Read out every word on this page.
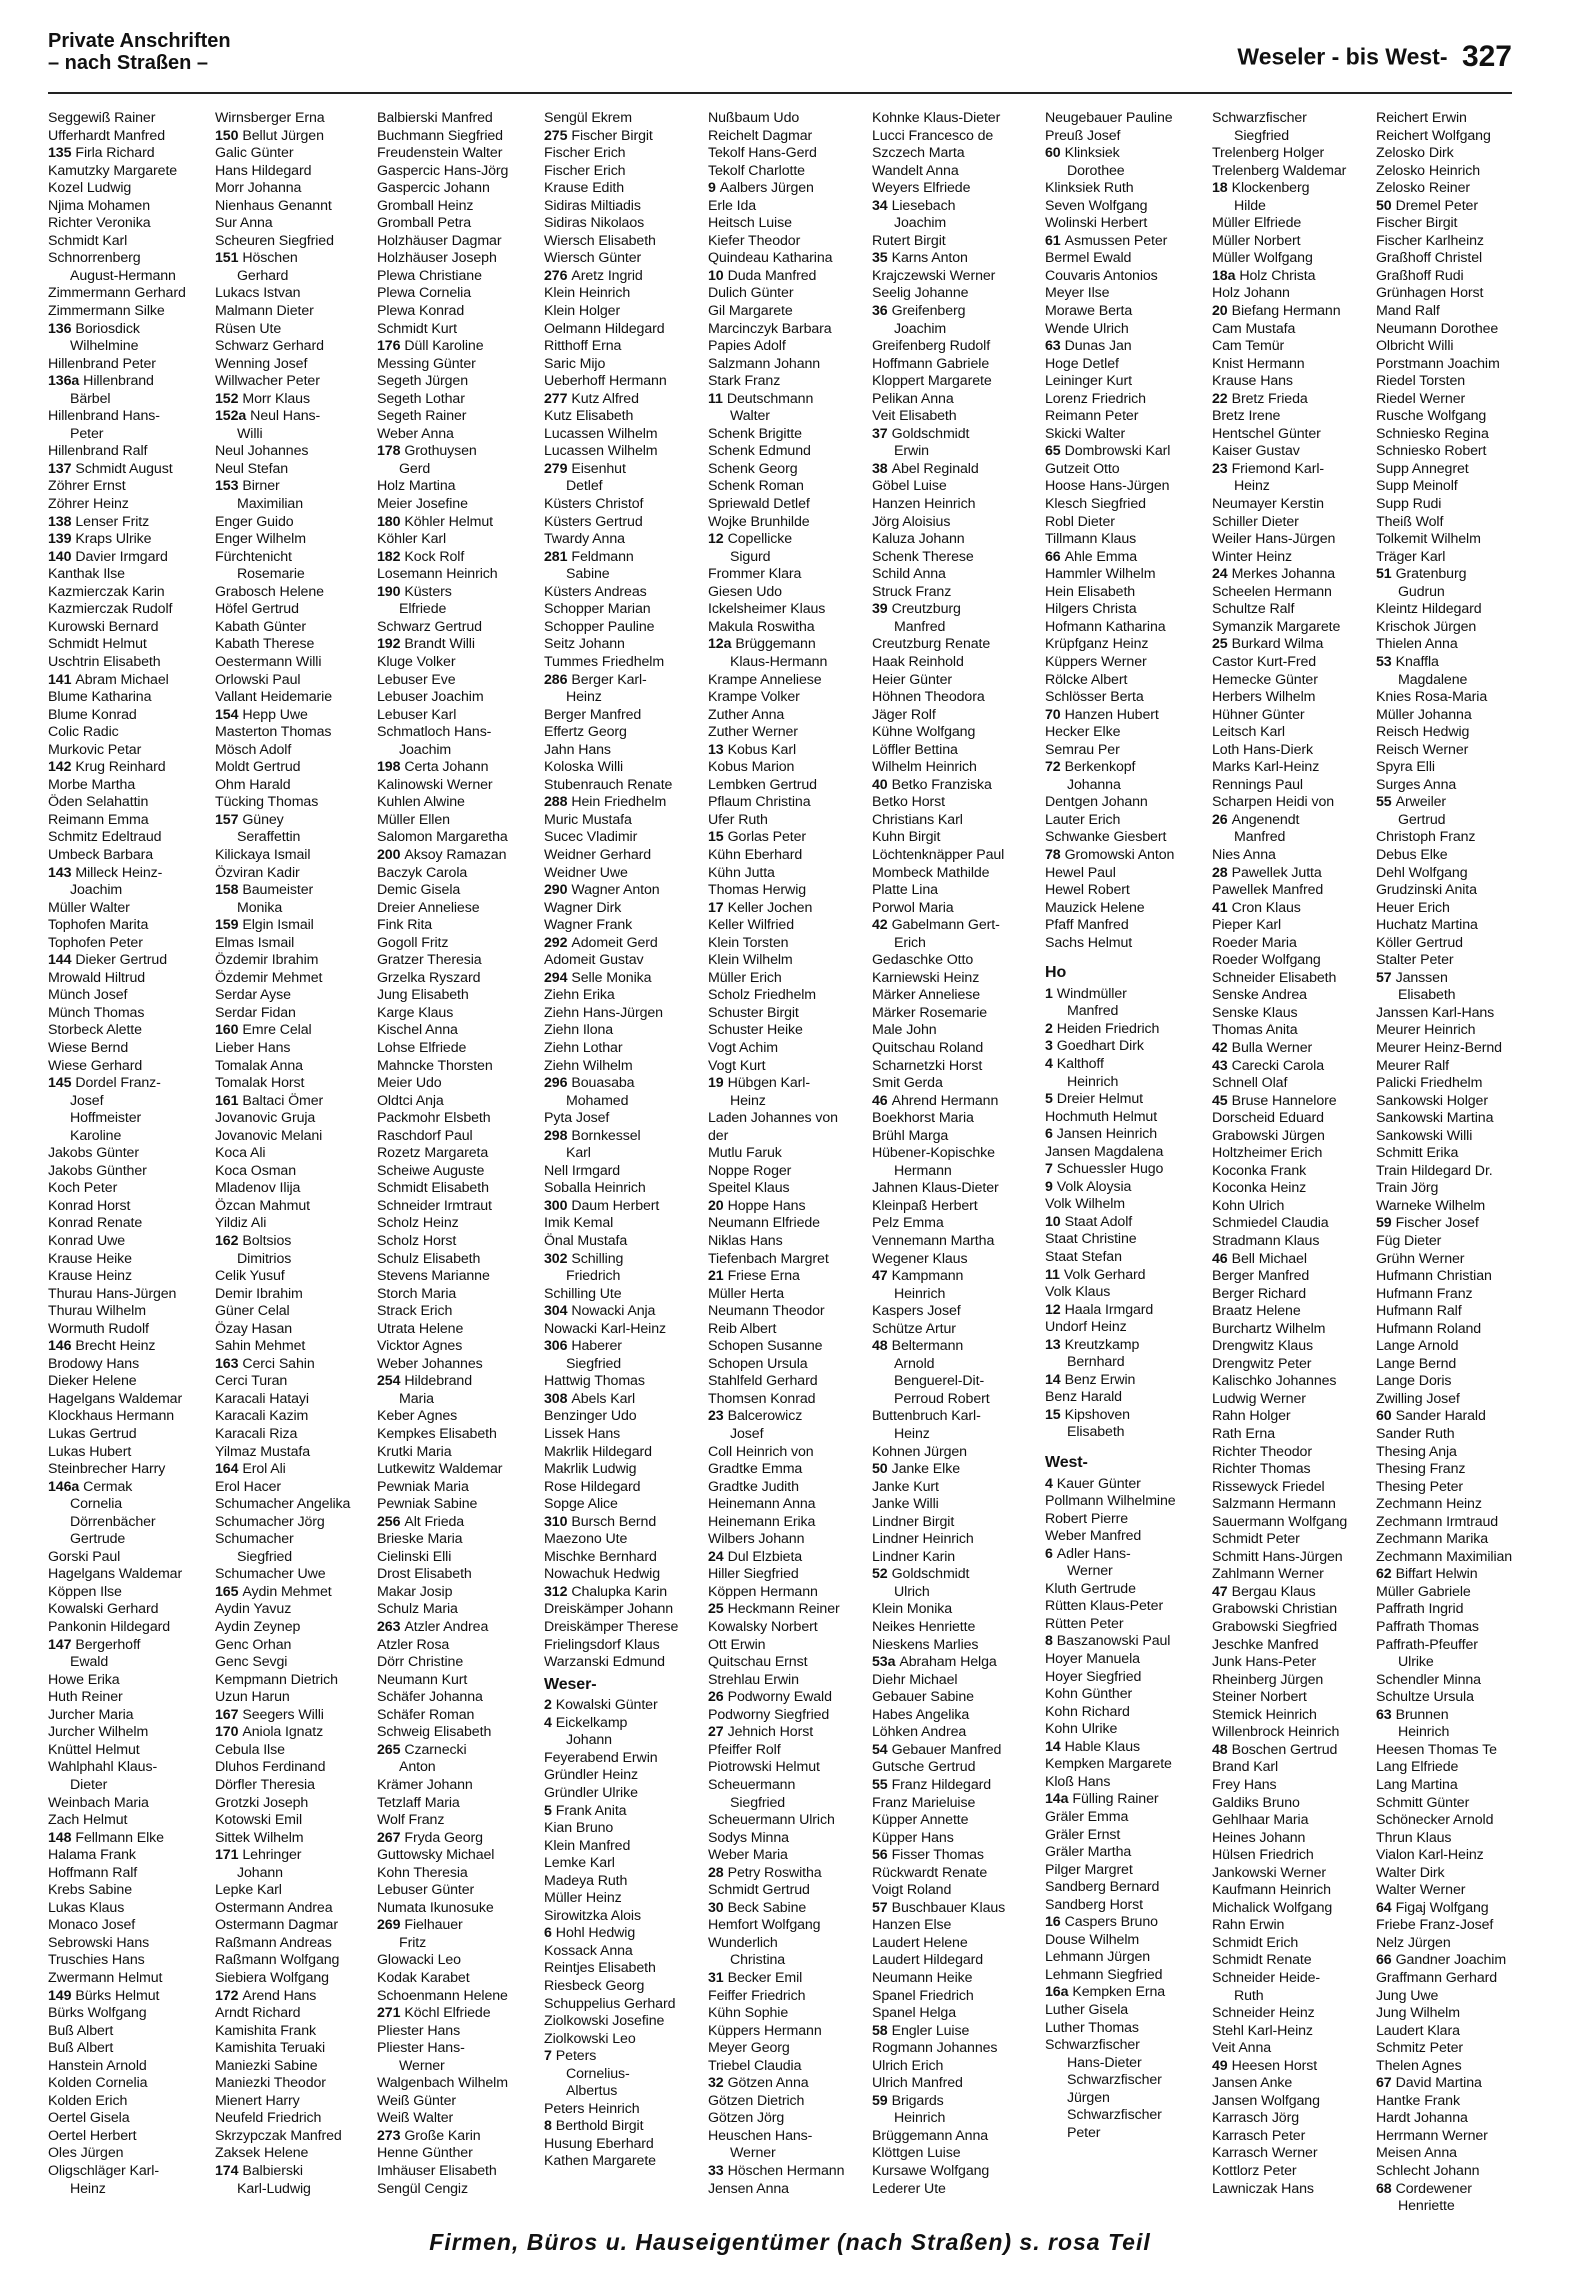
Private Anschriften
– nach Straßen –	Weseler - bis West- 327
Seggewiß Rainer
Ufferhardt Manfred
135 Firla Richard
Kamutzky Margarete
Kozel Ludwig
Njima Mohamen
Richter Veronika
Schmidt Karl
Schnorrenberg
August-Hermann
Zimmermann Gerhard
Zimmermann Silke
136 Boriosdick
Wilhelmine
Hillenbrand Peter
136a Hillenbrand
Bärbel
Hillenbrand Hans-
Peter
Hillenbrand Ralf
137 Schmidt August
Zöhrer Ernst
Zöhrer Heinz
138 Lenser Fritz
139 Kraps Ulrike
140 Davier Irmgard
Kanthak Ilse
Kazmierczak Karin
Kazmierczak Rudolf
Kurowski Bernard
Schmidt Helmut
Uschtrin Elisabeth
141 Abram Michael
Blume Katharina
Blume Konrad
Colic Radic
Murkovic Petar
142 Krug Reinhard
Morbe Martha
Öden Selahattin
Reimann Emma
Schmitz Edeltraud
Umbeck Barbara
143 Milleck Heinz-
Joachim
Müller Walter
Tophofen Marita
Tophofen Peter
144 Dieker Gertrud
Mrowald Hiltrud
Münch Josef
Münch Thomas
Storbeck Alette
Wiese Bernd
Wiese Gerhard
145 Dordel Franz-
Josef
Hoffmeister
Karoline
Jakobs Günter
Jakobs Günther
Koch Peter
Konrad Horst
Konrad Renate
Konrad Uwe
Krause Heike
Krause Heinz
Thurau Hans-Jürgen
Thurau Wilhelm
Wormuth Rudolf
146 Brecht Heinz
Brodowy Hans
Dieker Helene
Hagelgans Waldemar
Klockhaus Hermann
Lukas Gertrud
Lukas Hubert
Steinbrecher Harry
146a Cermak
Cornelia
Dörrenbächer
Gertrude
Gorski Paul
Hagelgans Waldemar
Köppen Ilse
Kowalski Gerhard
Pankonin Hildegard
147 Bergerhoff
Ewald
Howe Erika
Huth Reiner
Jurcher Maria
Jurcher Wilhelm
Knüttel Helmut
Wahlphahl Klaus-
Dieter
Weinbach Maria
Zach Helmut
148 Fellmann Elke
Halama Frank
Hoffmann Ralf
Krebs Sabine
Lukas Klaus
Monaco Josef
Sebrowski Hans
Truschies Hans
Zwermann Helmut
149 Bürks Helmut
Bürks Wolfgang
Buß Albert
Buß Albert
Hanstein Arnold
Kolden Cornelia
Kolden Erich
Oertel Gisela
Oertel Herbert
Oles Jürgen
Oligschläger Karl-
Heinz
Wirnsberger Erna
150 Bellut Jürgen
Galic Günter
Hans Hildegard
Morr Johanna
Nienhaus Genannt
Sur Anna
Scheuren Siegfried
151 Höschen
Gerhard
Lukacs Istvan
Malmann Dieter
Rüsen Ute
Schwarz Gerhard
Wenning Josef
Willwacher Peter
152 Morr Klaus
152a Neul Hans-
Willi
Neul Johannes
Neul Stefan
153 Birner
Maximilian
Enger Guido
Enger Wilhelm
Fürchtenicht
Rosemarie
Grabosch Helene
Höfel Gertrud
Kabath Günter
Kabath Therese
Oestermann Willi
Orlowski Paul
Vallant Heidemarie
154 Hepp Uwe
Masterton Thomas
Mösch Adolf
Moldt Gertrud
Ohm Harald
Tücking Thomas
157 Güney
Seraffettin
Kilickaya Ismail
Özviran Kadir
158 Baumeister
Monika
159 Elgin Ismail
Elmas Ismail
Özdemir Ibrahim
Özdemir Mehmet
Serdar Ayse
Serdar Fidan
160 Emre Celal
Lieber Hans
Tomalak Anna
Tomalak Horst
161 Baltaci Ömer
Jovanovic Gruja
Jovanovic Melani
Koca Ali
Koca Osman
Mladenov Ilija
Özcan Mahmut
Yildiz Ali
162 Boltsios
Dimitrios
Celik Yusuf
Demir Ibrahim
Güner Celal
Özay Hasan
Sahin Mehmet
163 Cerci Sahin
Cerci Turan
Karacali Hatayi
Karacali Kazim
Karacali Riza
Yilmaz Mustafa
164 Erol Ali
Erol Hacer
Schumacher Angelika
Schumacher Jörg
Schumacher
Siegfried
Schumacher Uwe
165 Aydin Mehmet
Aydin Yavuz
Aydin Zeynep
Genc Orhan
Genc Sevgi
Kempmann Dietrich
Uzun Harun
167 Seegers Willi
170 Aniola Ignatz
Cebula Ilse
Dluhos Ferdinand
Dörfler Theresia
Grotzki Joseph
Kotowski Emil
Sittek Wilhelm
171 Lehringer
Johann
Lepke Karl
Ostermann Andrea
Ostermann Dagmar
Raßmann Andreas
Raßmann Wolfgang
Siebiera Wolfgang
172 Arend Hans
Arndt Richard
Kamishita Frank
Kamishita Teruaki
Maniezki Sabine
Maniezki Theodor
Mienert Harry
Neufeld Friedrich
Skrzypczak Manfred
Zaksek Helene
174 Balbierski
Karl-Ludwig
Balbierski Manfred
Buchmann Siegfried
Freudenstein Walter
Gaspercic Hans-Jörg
Gaspercic Johann
Gromball Heinz
Gromball Petra
Holzhäuser Dagmar
Holzhäuser Joseph
Plewa Christiane
Plewa Cornelia
Plewa Konrad
Schmidt Kurt
176 Düll Karoline
Messing Günter
Segeth Jürgen
Segeth Lothar
Segeth Rainer
Weber Anna
178 Grothuysen
Gerd
Holz Martina
Meier Josefine
180 Köhler Helmut
Köhler Karl
182 Kock Rolf
Losemann Heinrich
190 Küsters
Elfriede
Schwarz Gertrud
192 Brandt Willi
Kluge Volker
Lebuser Eve
Lebuser Joachim
Lebuser Karl
Schmatloch Hans-
Joachim
198 Certa Johann
Kalinowski Werner
Kuhlen Alwine
Müller Ellen
Salomon Margaretha
200 Aksoy Ramazan
Baczyk Carola
Demic Gisela
Dreier Anneliese
Fink Rita
Gogoll Fritz
Gratzer Theresia
Grzelka Ryszard
Jung Elisabeth
Karge Klaus
Kischel Anna
Lohse Elfriede
Mahncke Thorsten
Meier Udo
Oldtci Anja
Packmohr Elsbeth
Raschdorf Paul
Rozetz Margareta
Scheiwe Auguste
Schmidt Elisabeth
Schneider Irmtraut
Scholz Heinz
Scholz Horst
Schulz Elisabeth
Stevens Marianne
Storch Maria
Strack Erich
Utrata Helene
Vicktor Agnes
Weber Johannes
254 Hildebrand
Maria
Keber Agnes
Kempkes Elisabeth
Krutki Maria
Lutkewitz Waldemar
Pewniak Maria
Pewniak Sabine
256 Alt Frieda
Brieske Maria
Cielinski Elli
Drost Elisabeth
Makar Josip
Schulz Maria
263 Atzler Andrea
Atzler Rosa
Dörr Christine
Neumann Kurt
Schäfer Johanna
Schäfer Roman
Schweig Elisabeth
265 Czarnecki
Anton
Krämer Johann
Tetzlaff Maria
Wolf Franz
267 Fryda Georg
Guttowsky Michael
Kohn Theresia
Lebuser Günter
Numata Ikunosuke
269 Fielhauer
Fritz
Glowacki Leo
Kodak Karabet
Schoenmann Helene
271 Köchl Elfriede
Pliester Hans
Pliester Hans-
Werner
Walgenbach Wilhelm
Weiß Günter
Weiß Walter
273 Große Karin
Henne Günther
Imhäuser Elisabeth
Sengül Cengiz
Sengül Ekrem
275 Fischer Birgit
Fischer Erich
Fischer Erich
Krause Edith
Sidiras Miltiadis
Sidiras Nikolaos
Wiersch Elisabeth
Wiersch Günter
276 Aretz Ingrid
Klein Heinrich
Klein Holger
Oelmann Hildegard
Ritthoff Erna
Saric Mijo
Ueberhoff Hermann
277 Kutz Alfred
Kutz Elisabeth
Lucassen Wilhelm
Lucassen Wilhelm
279 Eisenhut
Detlef
Küsters Christof
Küsters Gertrud
Twardy Anna
281 Feldmann
Sabine
Küsters Andreas
Schopper Marian
Schopper Pauline
Seitz Johann
Tummes Friedhelm
286 Berger Karl-
Heinz
Berger Manfred
Effertz Georg
Jahn Hans
Koloska Willi
Stubenrauch Renate
288 Hein Friedhelm
Muric Mustafa
Sucec Vladimir
Weidner Gerhard
Weidner Uwe
290 Wagner Anton
Wagner Dirk
Wagner Frank
292 Adomeit Gerd
Adomeit Gustav
294 Selle Monika
Ziehn Erika
Ziehn Hans-Jürgen
Ziehn Ilona
Ziehn Lothar
Ziehn Wilhelm
296 Bouasaba
Mohamed
Pyta Josef
298 Bornkessel
Karl
Nell Irmgard
Soballa Heinrich
300 Daum Herbert
Imik Kemal
Önal Mustafa
302 Schilling
Friedrich
Schilling Ute
304 Nowacki Anja
Nowacki Karl-Heinz
306 Haberer
Siegfried
Hattwig Thomas
308 Abels Karl
Benzinger Udo
Lissek Hans
Makrlik Hildegard
Makrlik Ludwig
Rose Hildegard
Sopge Alice
310 Bursch Bernd
Maezono Ute
Mischke Bernhard
Nowachuk Hedwig
312 Chalupka Karin
Dreiskämper Johann
Dreiskämper Therese
Frielingsdorf Klaus
Warzanski Edmund
Weser-
2 Kowalski Günter
4 Eickelkamp
Johann
Feyerabend Erwin
Gründler Heinz
Gründler Ulrike
5 Frank Anita
Kian Bruno
Klein Manfred
Lemke Karl
Madeya Ruth
Müller Heinz
Sirowitzka Alois
6 Hohl Hedwig
Kossack Anna
Reintjes Elisabeth
Riesbeck Georg
Schuppelius Gerhard
Ziolkowski Josefine
Ziolkowski Leo
7 Peters
Cornelius-
Albertus
Peters Heinrich
8 Berthold Birgit
Husung Eberhard
Kathen Margarete
Nußbaum Udo
Reichelt Dagmar
Tekolf Hans-Gerd
Tekolf Charlotte
9 Aalbers Jürgen
Erle Ida
Heitsch Luise
Kiefer Theodor
Quindeau Katharina
10 Duda Manfred
Dulich Günter
Gil Margarete
Marcinczyk Barbara
Papies Adolf
Salzmann Johann
Stark Franz
11 Deutschmann
Walter
Schenk Brigitte
Schenk Edmund
Schenk Georg
Schenk Roman
Spriewald Detlef
Wojke Brunhilde
12 Copellicke
Sigurd
Frommer Klara
Giesen Udo
Ickelsheimer Klaus
Makula Roswitha
12a Brüggemann
Klaus-Hermann
Krampe Anneliese
Krampe Volker
Zuther Anna
Zuther Werner
13 Kobus Karl
Kobus Marion
Lembken Gertrud
Pflaum Christina
Ufer Ruth
15 Gorlas Peter
Kühn Eberhard
Kühn Jutta
Thomas Herwig
17 Keller Jochen
Keller Wilfried
Klein Torsten
Klein Wilhelm
Müller Erich
Scholz Friedhelm
Schuster Birgit
Schuster Heike
Vogt Achim
Vogt Kurt
19 Hübgen Karl-
Heinz
Laden Johannes von
der
Mutlu Faruk
Noppe Roger
Speitel Klaus
20 Hoppe Hans
Neumann Elfriede
Niklas Hans
Tiefenbach Margret
21 Friese Erna
Müller Herta
Neumann Theodor
Reib Albert
Schopen Susanne
Schopen Ursula
Stahlfeld Gerhard
Thomsen Konrad
23 Balcerowicz
Josef
Coll Heinrich von
Gradtke Emma
Gradtke Judith
Heinemann Anna
Heinemann Erika
Wilbers Johann
24 Dul Elzbieta
Hiller Siegfried
Köppen Hermann
25 Heckmann Reiner
Kowalsky Norbert
Ott Erwin
Quitschau Ernst
Strehlau Erwin
26 Podworny Ewald
Podworny Siegfried
27 Jehnich Horst
Pfeiffer Rolf
Piotrowski Helmut
Scheuermann
Siegfried
Scheuermann Ulrich
Sodys Minna
Weber Maria
28 Petry Roswitha
Schmidt Gertrud
30 Beck Sabine
Hemfort Wolfgang
Wunderlich
Christina
31 Becker Emil
Feiffer Friedrich
Kühn Sophie
Küppers Hermann
Meyer Georg
Triebel Claudia
32 Götzen Anna
Götzen Dietrich
Götzen Jörg
Heuschen Hans-
Werner
33 Höschen Hermann
Jensen Anna
Kohnke Klaus-Dieter
Lucci Francesco de
Szczech Marta
Wandelt Anna
Weyers Elfriede
34 Liesebach
Joachim
Rutert Birgit
35 Karns Anton
Krajczewski Werner
Seelig Johanne
36 Greifenberg
Joachim
Greifenberg Rudolf
Hoffmann Gabriele
Kloppert Margarete
Pelikan Anna
Veit Elisabeth
37 Goldschmidt
Erwin
38 Abel Reginald
Göbel Luise
Hanzen Heinrich
Jörg Aloisius
Kaluza Johann
Schenk Therese
Schild Anna
Struck Franz
39 Creutzburg
Manfred
Creutzburg Renate
Haak Reinhold
Heier Günter
Höhnen Theodora
Jäger Rolf
Kühne Wolfgang
Löffler Bettina
Wilhelm Heinrich
40 Betko Franziska
Betko Horst
Christians Karl
Kuhn Birgit
Löchtenknäpper Paul
Mombeck Mathilde
Platte Lina
Porwol Maria
42 Gabelmann Gert-
Erich
Gedaschke Otto
Karniewski Heinz
Märker Anneliese
Märker Rosemarie
Male John
Quitschau Roland
Scharnetzki Horst
Smit Gerda
46 Ahrend Hermann
Boekhorst Maria
Brühl Marga
Hübener-Kopischke
Hermann
Jahnen Klaus-Dieter
Kleinpaß Herbert
Pelz Emma
Vennemann Martha
Wegener Klaus
47 Kampmann
Heinrich
Kaspers Josef
Schütze Artur
48 Beltermann
Arnold
Benguerel-Dit-
Perroud Robert
Buttenbruch Karl-
Heinz
Kohnen Jürgen
50 Janke Elke
Janke Kurt
Janke Willi
Lindner Birgit
Lindner Heinrich
Lindner Karin
52 Goldschmidt
Ulrich
Klein Monika
Neikes Henriette
Nieskens Marlies
53a Abraham Helga
Diehr Michael
Gebauer Sabine
Habes Angelika
Löhken Andrea
54 Gebauer Manfred
Gutsche Gertrud
55 Franz Hildegard
Franz Marieluise
Küpper Annette
Küpper Hans
56 Fisser Thomas
Rückwardt Renate
Voigt Roland
57 Buschbauer Klaus
Hanzen Else
Laudert Helene
Laudert Hildegard
Neumann Heike
Spanel Friedrich
Spanel Helga
58 Engler Luise
Rogmann Johannes
Ulrich Erich
Ulrich Manfred
59 Brigards
Heinrich
Brüggemann Anna
Klöttgen Luise
Kursawe Wolfgang
Lederer Ute
Neugebauer Pauline
Preuß Josef
60 Klinksiek
Dorothee
Klinksiek Ruth
Seven Wolfgang
Wolinski Herbert
61 Asmussen Peter
Bermel Ewald
Couvaris Antonios
Meyer Ilse
Morawe Berta
Wende Ulrich
63 Dunas Jan
Hoge Detlef
Leininger Kurt
Lorenz Friedrich
Reimann Peter
Skicki Walter
65 Dombrowski Karl
Gutzeit Otto
Hoose Hans-Jürgen
Klesch Siegfried
Robl Dieter
Tillmann Klaus
66 Ahle Emma
Hammler Wilhelm
Hein Elisabeth
Hilgers Christa
Hofmann Katharina
Krüpfganz Heinz
Küppers Werner
Rölcke Albert
Schlösser Berta
70 Hanzen Hubert
Hecker Elke
Semrau Per
72 Berkenkopf
Johanna
Dentgen Johann
Lauter Erich
Schwanke Giesbert
78 Gromowski Anton
Hewel Paul
Hewel Robert
Mauzick Helene
Pfaff Manfred
Sachs Helmut

Ho
1 Windmüller
Manfred
2 Heiden Friedrich
3 Goedhart Dirk
4 Kalthoff
Heinrich
5 Dreier Helmut
Hochmuth Helmut
6 Jansen Heinrich
Jansen Magdalena
7 Schuessler Hugo
9 Volk Aloysia
Volk Wilhelm
10 Staat Adolf
Staat Christine
Staat Stefan
11 Volk Gerhard
Volk Klaus
12 Haala Irmgard
Undorf Heinz
13 Kreutzkamp
Bernhard
14 Benz Erwin
Benz Harald
15 Kipshoven
Elisabeth

West-
4 Kauer Günter
Pollmann Wilhelmine
Robert Pierre
Weber Manfred
6 Adler Hans-
Werner
Kluth Gertrude
Rütten Klaus-Peter
Rütten Peter
8 Baszanowski Paul
Hoyer Manuela
Hoyer Siegfried
Kohn Günther
Kohn Richard
Kohn Ulrike
14 Hable Klaus
Kempken Margarete
Kloß Hans
14a Fülling Rainer
Gräler Emma
Gräler Ernst
Gräler Martha
Pilger Margret
Sandberg Bernard
Sandberg Horst
16 Caspers Bruno
Douse Wilhelm
Lehmann Jürgen
Lehmann Siegfried
16a Kempken Erna
Luther Gisela
Luther Thomas
Schwarzfischer
Hans-Dieter
Schwarzfischer
Jürgen
Schwarzfischer
Peter
Schwarzfischer
Siegfried
Trelenberg Holger
Trelenberg Waldemar
18 Klockenberg
Hilde
Müller Elfriede
Müller Norbert
Müller Wolfgang
18a Holz Christa
Holz Johann
20 Biefang Hermann
Cam Mustafa
Cam Temür
Knist Hermann
Krause Hans
22 Bretz Frieda
Bretz Irene
Hentschel Günter
Kaiser Gustav
23 Friemond Karl-
Heinz
Neumayer Kerstin
Schiller Dieter
Weiler Hans-Jürgen
Winter Heinz
24 Merkes Johanna
Scheelen Hermann
Schultze Ralf
Symanzik Margarete
25 Burkard Wilma
Castor Kurt-Fred
Hemecke Günter
Herbers Wilhelm
Hühner Günter
Leitsch Karl
Loth Hans-Dierk
Marks Karl-Heinz
Rennings Paul
Scharpen Heidi von
26 Angenendt
Manfred
Nies Anna
28 Pawellek Jutta
Pawellek Manfred
41 Cron Klaus
Pieper Karl
Roeder Maria
Roeder Wolfgang
Schneider Elisabeth
Senske Andrea
Senske Klaus
Thomas Anita
42 Bulla Werner
43 Carecki Carola
Schnell Olaf
45 Bruse Hannelore
Dorscheid Eduard
Grabowski Jürgen
Holtzheimer Erich
Koconka Frank
Koconka Heinz
Kohn Ulrich
Schmiedel Claudia
Stradmann Klaus
46 Bell Michael
Berger Manfred
Berger Richard
Braatz Helene
Burchartz Wilhelm
Drengwitz Klaus
Drengwitz Peter
Kalischko Johannes
Ludwig Werner
Rahn Holger
Rath Erna
Richter Theodor
Richter Thomas
Rissewyck Friedel
Salzmann Hermann
Sauermann Wolfgang
Schmidt Peter
Schmitt Hans-Jürgen
Zahlmann Werner
47 Bergau Klaus
Grabowski Christian
Grabowski Siegfried
Jeschke Manfred
Junk Hans-Peter
Rheinberg Jürgen
Steiner Norbert
Stemick Heinrich
Willenbrock Heinrich
48 Boschen Gertrud
Brand Karl
Frey Hans
Galdiks Bruno
Gehlhaar Maria
Heines Johann
Hülsen Friedrich
Jankowski Werner
Kaufmann Heinrich
Michalick Wolfgang
Rahn Erwin
Schmidt Erich
Schmidt Renate
Schneider Heide-
Ruth
Schneider Heinz
Stehl Karl-Heinz
Veit Anna
49 Heesen Horst
Jansen Anke
Jansen Wolfgang
Karrasch Jörg
Karrasch Peter
Karrasch Werner
Kottlorz Peter
Lawniczak Hans
Reichert Erwin
Reichert Wolfgang
Zelosko Dirk
Zelosko Heinrich
Zelosko Reiner
50 Dremel Peter
Fischer Birgit
Fischer Karlheinz
Graßhoff Christel
Graßhoff Rudi
Grünhagen Horst
Mand Ralf
Neumann Dorothee
Olbricht Willi
Porstmann Joachim
Riedel Torsten
Riedel Werner
Rusche Wolfgang
Schniesko Regina
Schniesko Robert
Supp Annegret
Supp Meinolf
Supp Rudi
Theiß Wolf
Tolkemit Wilhelm
Träger Karl
51 Gratenburg
Gudrun
Kleintz Hildegard
Krischok Jürgen
Thielen Anna
53 Knaffla
Magdalene
Knies Rosa-Maria
Müller Johanna
Reisch Hedwig
Reisch Werner
Spyra Elli
Surges Anna
55 Arweiler
Gertrud
Christoph Franz
Debus Elke
Dehl Wolfgang
Grudzinski Anita
Heuer Erich
Huchatz Martina
Köller Gertrud
Stalter Peter
57 Janssen
Elisabeth
Janssen Karl-Hans
Meurer Heinrich
Meurer Heinz-Bernd
Meurer Ralf
Palicki Friedhelm
Sankowski Holger
Sankowski Martina
Sankowski Willi
Schmitt Erika
Train Hildegard Dr.
Train Jörg
Warneke Wilhelm
59 Fischer Josef
Füg Dieter
Grühn Werner
Hufmann Christian
Hufmann Franz
Hufmann Ralf
Hufmann Roland
Lange Arnold
Lange Bernd
Lange Doris
Zwilling Josef
60 Sander Harald
Sander Ruth
Thesing Anja
Thesing Franz
Thesing Peter
Zechmann Heinz
Zechmann Irmtraud
Zechmann Marika
Zechmann Maximilian
62 Biffart Helwin
Müller Gabriele
Paffrath Ingrid
Paffrath Thomas
Paffrath-Pfeuffer
Ulrike
Schendler Minna
Schultze Ursula
63 Brunnen
Heinrich
Heesen Thomas Te
Lang Elfriede
Lang Martina
Schmitt Günter
Schönecker Arnold
Thrun Klaus
Vialon Karl-Heinz
Walter Dirk
Walter Werner
64 Figaj Wolfgang
Friebe Franz-Josef
Nelz Jürgen
66 Gandner Joachim
Graffmann Gerhard
Jung Uwe
Jung Wilhelm
Laudert Klara
Schmitz Peter
Thelen Agnes
67 David Martina
Hantke Frank
Hardt Johanna
Herrmann Werner
Meisen Anna
Schlecht Johann
68 Cordewener
Henriette
Firmen, Büros u. Hauseigentümer (nach Straßen) s. rosa Teil
